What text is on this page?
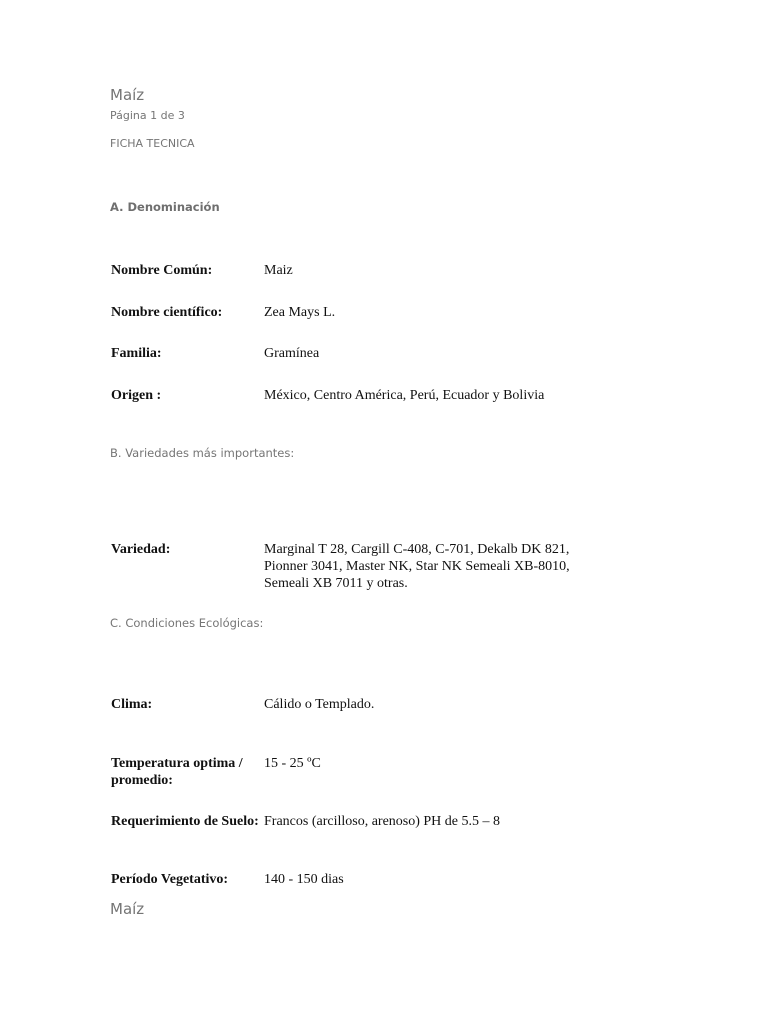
Maíz
Página 1 de 3
FICHA TECNICA
A. Denominación
Nombre Común:	Maiz
Nombre científico:	Zea Mays L.
Familia:	Gramínea
Origen :	México, Centro América, Perú, Ecuador y Bolivia
B. Variedades más importantes:
Variedad:	Marginal T 28, Cargill C-408, C-701, Dekalb DK 821, Pionner 3041, Master NK, Star NK Semeali XB-8010, Semeali XB 7011 y otras.
C. Condiciones Ecológicas:
Clima:	Cálido o Templado.
Temperatura optima / promedio:
15 - 25 ºC
Requerimiento de Suelo: Francos (arcilloso, arenoso) PH de 5.5 – 8
Período Vegetativo:	140 - 150 dias
Maíz
